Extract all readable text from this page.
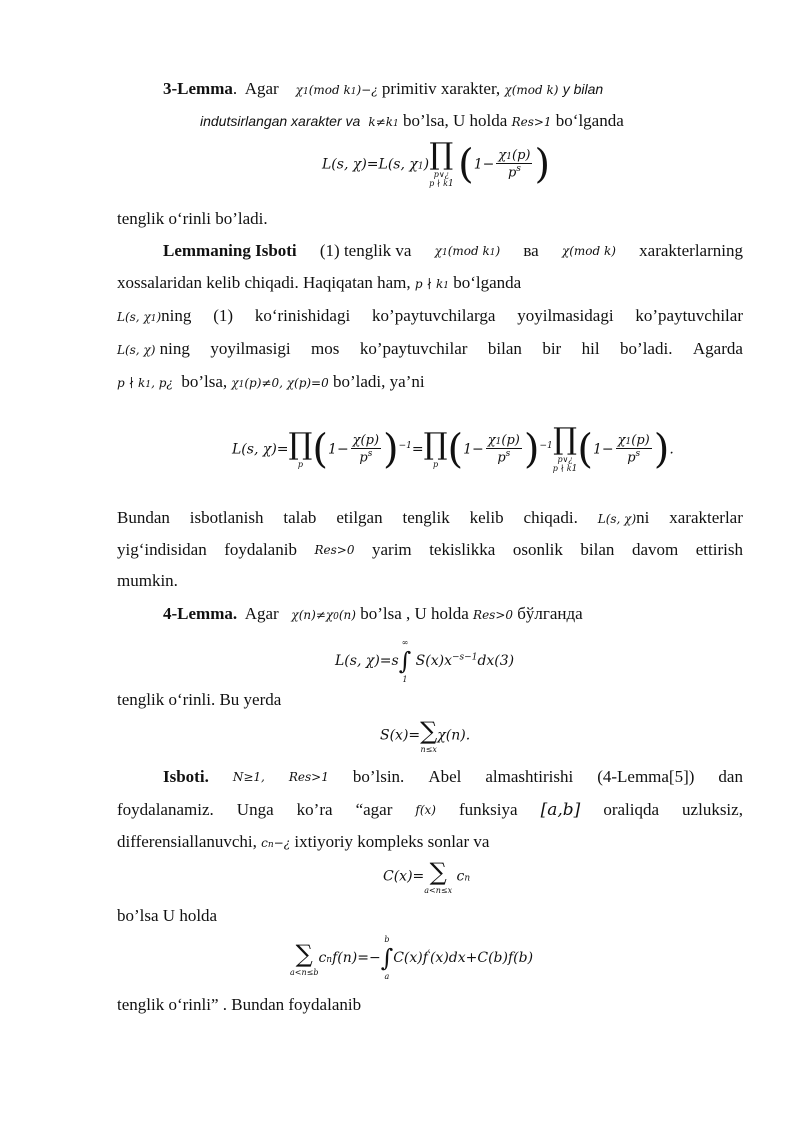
3-Lemma.  Agar χ1(mod k1)−¿ primitiv xarakter, χ(mod k) y bilan
indutsirlangan xarakter va  k≠k1 bo’lsa, U holda Res>1 bo‘lganda
L(s, χ)=L(s, χ1)∏
p∨¿
p ∤ k1 ($1- \frac{\chi 1(p)}{p^s}$ )
tenglik o‘rinli bo’ladi.
Lemmaning Isboti (1) tenglik va χ1(mod k1) ва χ(mod k) xarakterlarning
xossalaridan kelib chiqadi. Haqiqatan ham, p ∤ k1 bo‘lganda
L(s, χ1)ning (1) ko‘rinishidagi ko’paytuvchilarga yoyilmasidagi ko’paytuvchilar
L(s, χ) ning yoyilmasigi mos ko’paytuvchilar bilan bir hil bo’ladi. Agarda
p ∤ k1, p¿ bo’lsa, χ1(p)≠0, χ(p)=0 bo’ladi, ya’ni
L(s, χ)=∏
p ($1- \frac{\chi(p)}{p^s}$ )$^{-1}=\prod$
p ($1- \frac{\chi 1(p)}{p^s}$ )$^{-1}\prod$
p∨¿
p ∤ k1 ($1- \frac{\chi 1(p)}{p^s}$ ).
Bundan isbotlanish talab etilgan tenglik kelib chiqadi. L(s, χ)ni xarakterlar
yig‘indisidan foydalanib Res>0 yarim tekislikka osonlik bilan davom ettirish
mumkin.
4-Lemma. Agar χ(n)≠χ0(n) bo’lsa , U holda Res>0 бўлганда
L(s, χ)=s
∞
∫
1
$S(x)x^{-s-1}dx(3)$
tenglik o‘rinli. Bu yerda
S(x)=∑
n≤x
χ(n).
Isboti. N≥1, Res>1 bo’lsin. Abel almashtirishi (4-Lemma[5]) dan
foydalanamiz. Unga ko’ra “agar f(x) funksiya [a,b] oraliqda uzluksiz,
differensiallanuvchi, cn−¿ ixtiyoriy kompleks sonlar va
C(x)= ∑
a<n≤x
cn
bo’lsa U holda
∑
a<n≤b
cnf(n)=−
b
∫
a
C(x)f′(x)dx+C(b)f(b)
tenglik o‘rinli” . Bundan foydalanib
